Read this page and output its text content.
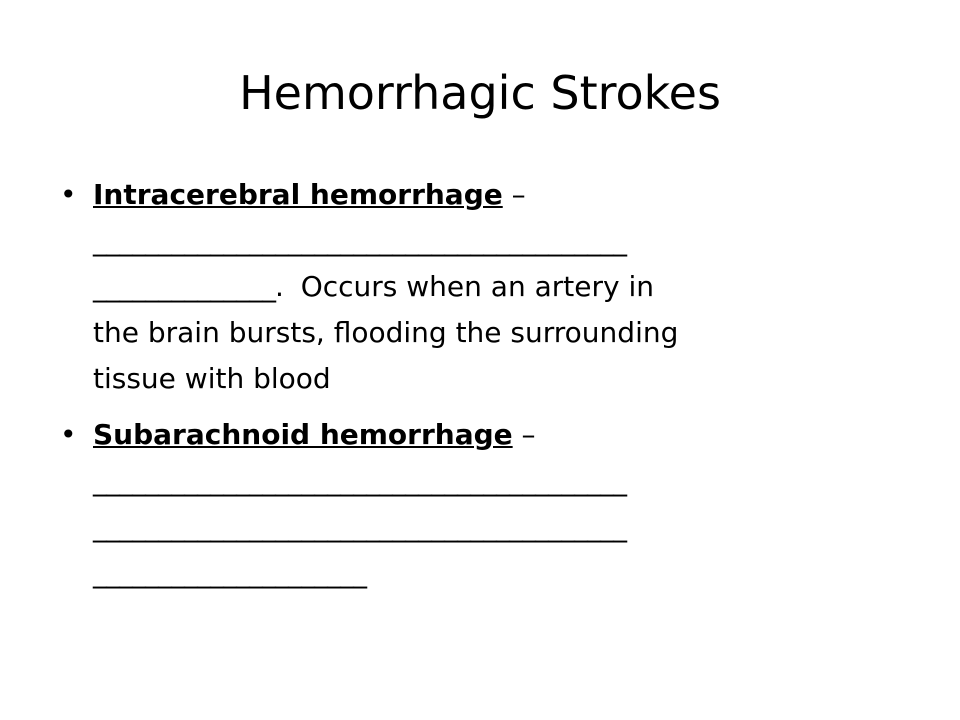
Hemorrhagic Strokes
• Intracerebral hemorrhage –
_________________________________________
______________.  Occurs when an artery in
the brain bursts, flooding the surrounding
tissue with blood
• Subarachnoid hemorrhage –
_________________________________________
_________________________________________
_____________________
